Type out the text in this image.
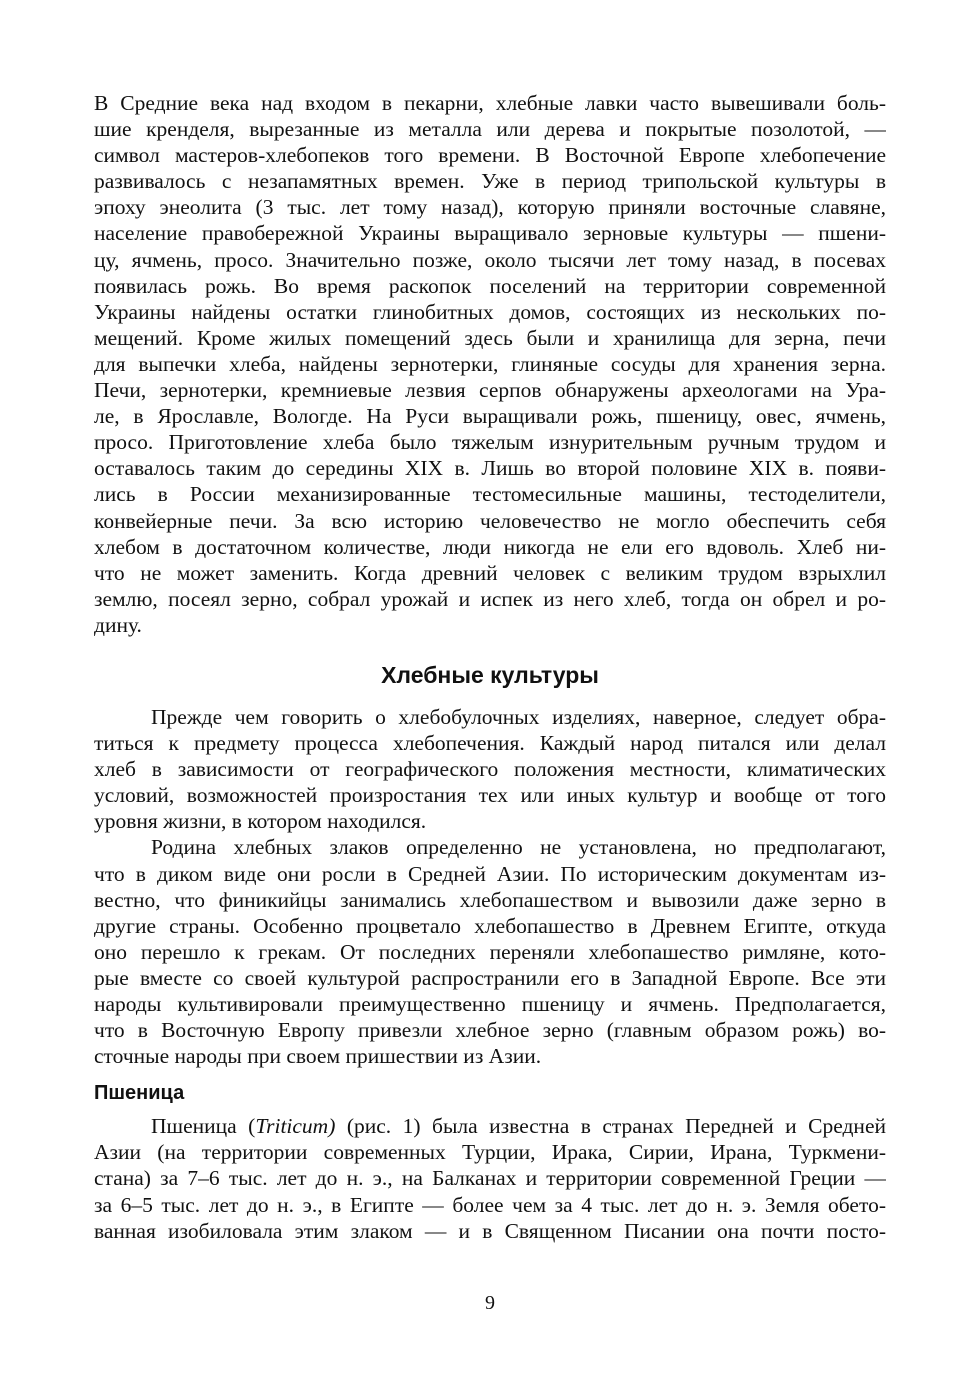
В Средние века над входом в пекарни, хлебные лавки часто вывешивали боль-
шие кренделя, вырезанные из металла или дерева и покрытые позолотой, —
символ мастеров-хлебопеков того времени. В Восточной Европе хлебопечение
развивалось с незапамятных времен. Уже в период трипольской культуры в
эпоху энеолита (3 тыс. лет тому назад), которую приняли восточные славяне,
население правобережной Украины выращивало зерновые культуры — пшени-
цу, ячмень, просо. Значительно позже, около тысячи лет тому назад, в посевах
появилась рожь. Во время раскопок поселений на территории современной
Украины найдены остатки глинобитных домов, состоящих из нескольких по-
мещений. Кроме жилых помещений здесь были и хранилища для зерна, печи
для выпечки хлеба, найдены зернотерки, глиняные сосуды для хранения зерна.
Печи, зернотерки, кремниевые лезвия серпов обнаружены археологами на Ура-
ле, в Ярославле, Вологде. На Руси выращивали рожь, пшеницу, овес, ячмень,
просо. Приготовление хлеба было тяжелым изнурительным ручным трудом и
оставалось таким до середины XIX в. Лишь во второй половине XIX в. появи-
лись в России механизированные тестомесильные машины, тестоделители,
конвейерные печи. За всю историю человечество не могло обеспечить себя
хлебом в достаточном количестве, люди никогда не ели его вдоволь. Хлеб ни-
что не может заменить. Когда древний человек с великим трудом взрыхлил
землю, посеял зерно, собрал урожай и испек из него хлеб, тогда он обрел и ро-
дину.
Хлебные культуры
Прежде чем говорить о хлебобулочных изделиях, наверное, следует обра-
титься к предмету процесса хлебопечения. Каждый народ питался или делал
хлеб в зависимости от географического положения местности, климатических
условий, возможностей произростания тех или иных культур и вообще от того
уровня жизни, в котором находился.
Родина хлебных злаков определенно не установлена, но предполагают,
что в диком виде они росли в Средней Азии. По историческим документам из-
вестно, что финикийцы занимались хлебопашеством и вывозили даже зерно в
другие страны. Особенно процветало хлебопашество в Древнем Египте, откуда
оно перешло к грекам. От последних переняли хлебопашество римляне, кото-
рые вместе со своей культурой распространили его в Западной Европе. Все эти
народы культивировали преимущественно пшеницу и ячмень. Предполагается,
что в Восточную Европу привезли хлебное зерно (главным образом рожь) во-
сточные народы при своем пришествии из Азии.
Пшеница
Пшеница (Triticum) (рис. 1) была известна в странах Передней и Средней
Азии (на территории современных Турции, Ирака, Сирии, Ирана, Туркмени-
стана) за 7–6 тыс. лет до н. э., на Балканах и территории современной Греции —
за 6–5 тыс. лет до н. э., в Египте — более чем за 4 тыс. лет до н. э. Земля обето-
ванная изобиловала этим злаком — и в Священном Писании она почти посто-
9
